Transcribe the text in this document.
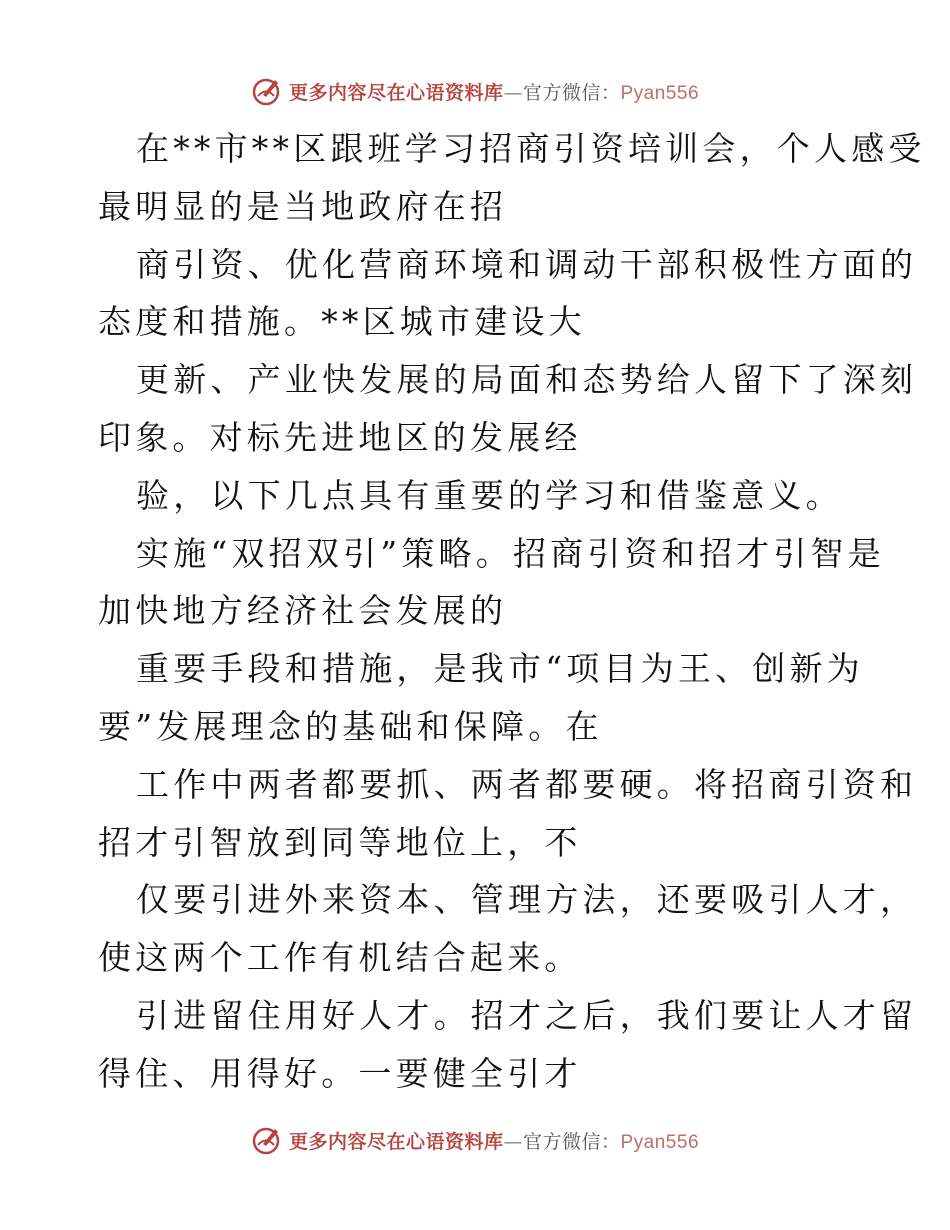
更多内容尽在心语资料库—官方微信：Pyan556
在**市**区跟班学习招商引资培训会，个人感受
最明显的是当地政府在招
商引资、优化营商环境和调动干部积极性方面的
态度和措施。**区城市建设大
更新、产业快发展的局面和态势给人留下了深刻
印象。对标先进地区的发展经
验，以下几点具有重要的学习和借鉴意义。
实施“双招双引”策略。招商引资和招才引智是
加快地方经济社会发展的
重要手段和措施，是我市“项目为王、创新为
要”发展理念的基础和保障。在
工作中两者都要抓、两者都要硬。将招商引资和
招才引智放到同等地位上，不
仅要引进外来资本、管理方法，还要吸引人才，
使这两个工作有机结合起来。
引进留住用好人才。招才之后，我们要让人才留
得住、用得好。一要健全引才
更多内容尽在心语资料库—官方微信：Pyan556
